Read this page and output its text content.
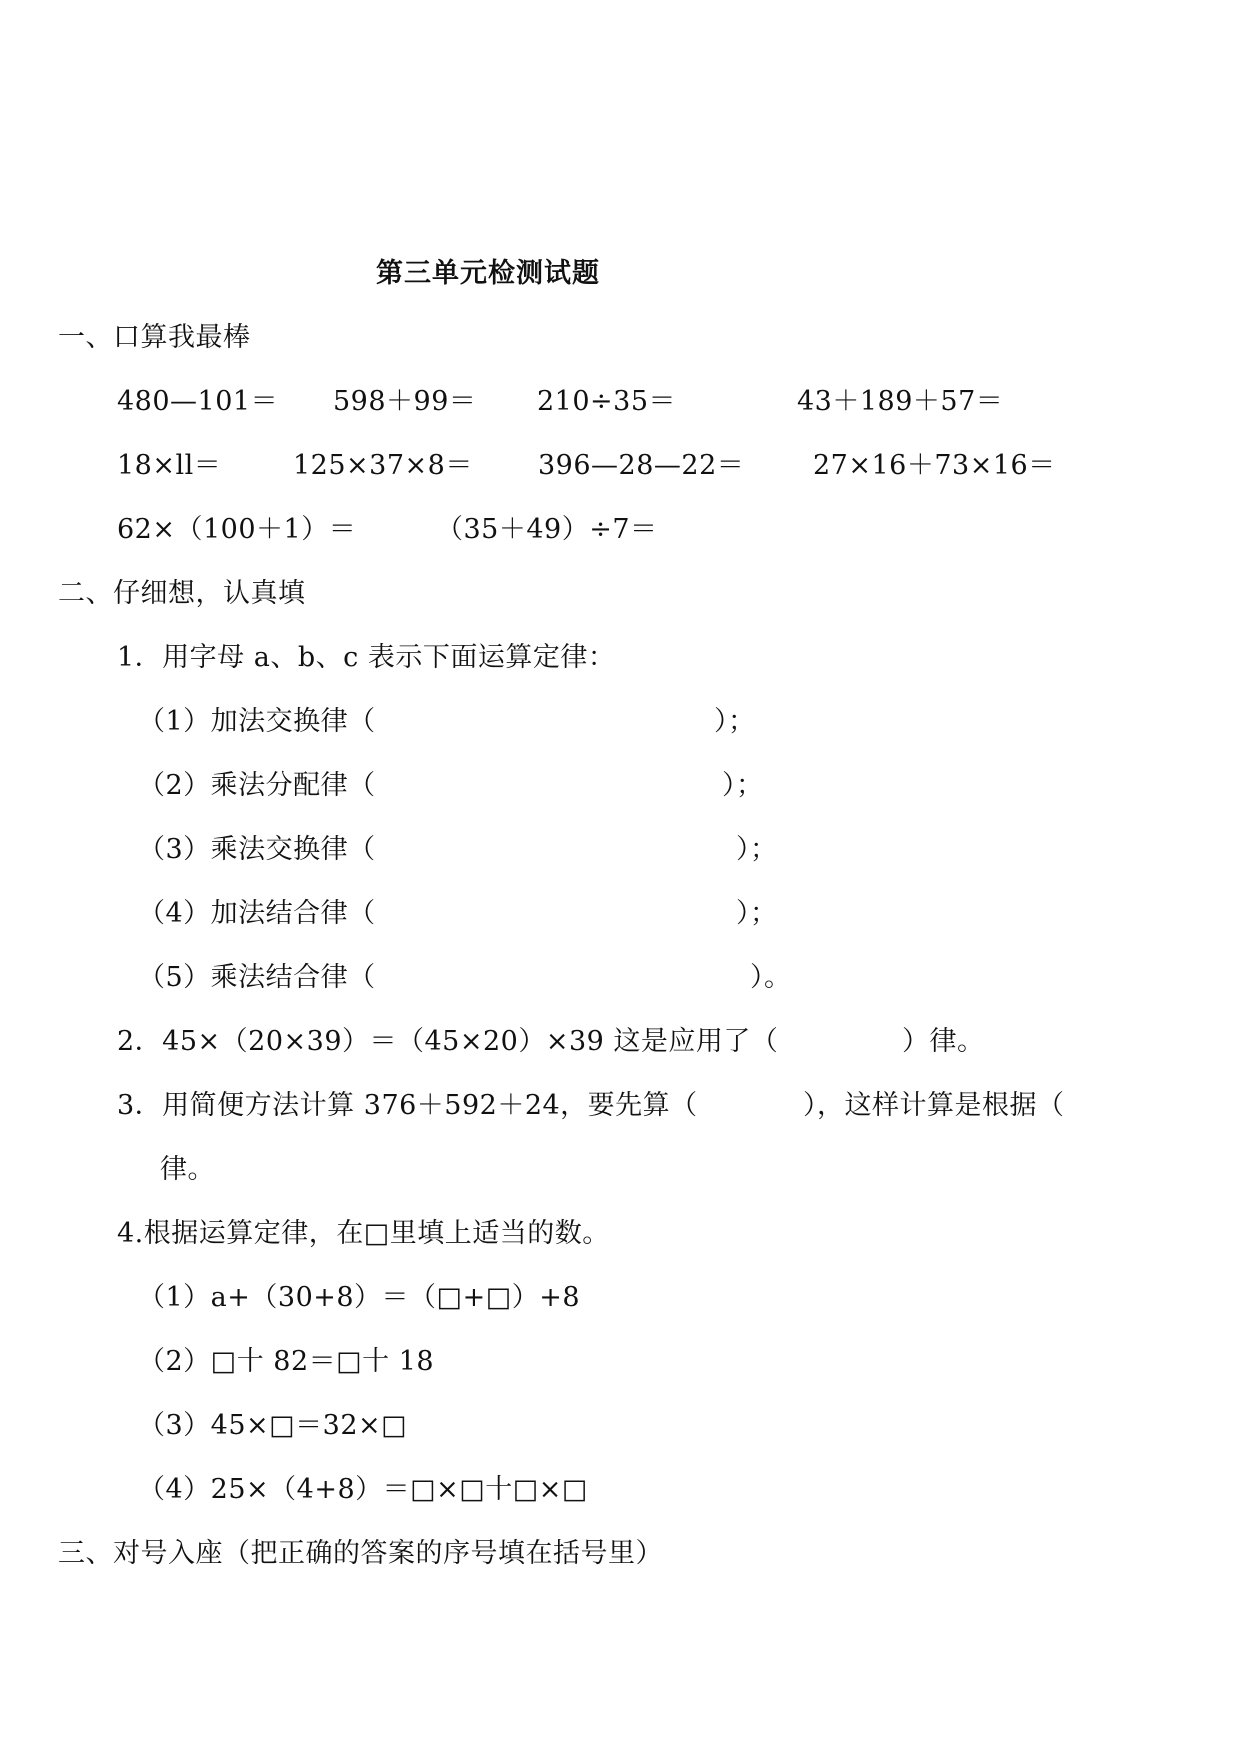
第三单元检测试题
一、口算我最棒
480—101＝ 598＋99＝ 210÷35＝	43＋189＋57＝
18×ll＝	125×37×8＝ 396—28—22＝	27×16＋73×16＝
62×（100＋1）＝	（35＋49）÷7＝
二、仔细想，认真填
1．用字母 a、b、c 表示下面运算定律：
（1）加法交换律（	）；
（2）乘法分配律（	）；
（3）乘法交换律（	）；
（4）加法结合律（	）；
（5）乘法结合律（	）。
2．45×（20×39）＝（45×20）×39 这是应用了（	）律。
3．用简便方法计算 376＋592＋24，要先算（	），这样计算是根据（
律。
4.根据运算定律，在□里填上适当的数。
（1）a+（30+8）＝（□+□）+8
（2）□十 82＝□十 18
（3）45×□＝32×□
（4）25×（4+8）＝□×□十□×□
三、对号入座（把正确的答案的序号填在括号里）
